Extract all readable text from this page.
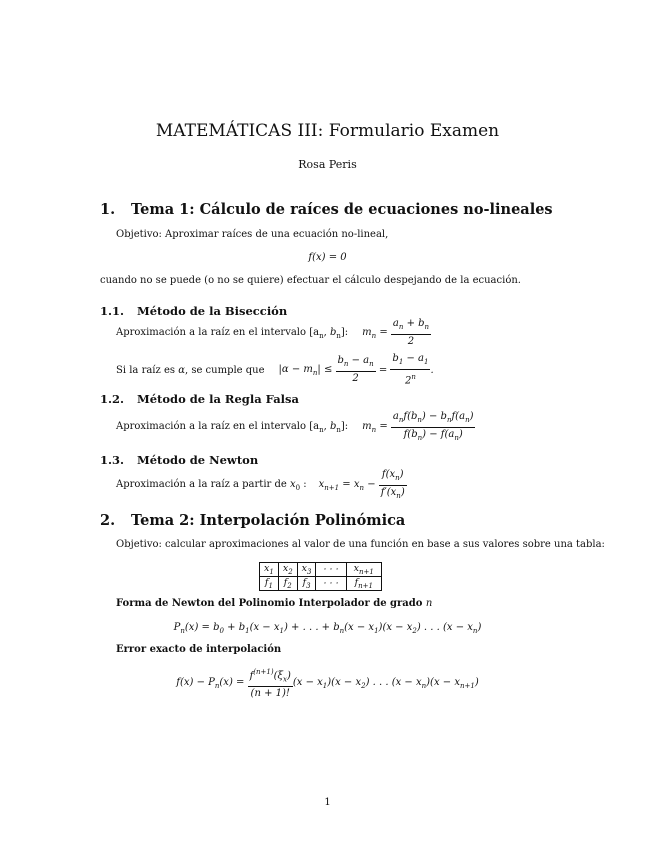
MATEMÁTICAS III: Formulario Examen
Rosa Peris
1. Tema 1: Cálculo de raíces de ecuaciones no-lineales
Objetivo: Aproximar raíces de una ecuación no-lineal,
f(x) = 0
cuando no se puede (o no se quiere) efectuar el cálculo despejando de la ecuación.
1.1. Método de la Bisección
Aproximación a la raíz en el intervalo [$a_n$, $b_n$]: $m_n = \frac{a_n + b_n}{2}$
Si la raíz es α, se cumple que $|\alpha - m_n| \le \frac{b_n - a_n}{2} = \frac{b_1 - a_1}{2^n}$ .
1.2. Método de la Regla Falsa
Aproximación a la raíz en el intervalo [$a_n$, $b_n$]: $m_n = \frac{a_nf(b_n) - b_nf(a_n)}{f(b_n) - f(a_n)}$
1.3. Método de Newton
Aproximación a la raíz a partir de $x_0$ : $x_{n+1} = x_n - \frac{f(x_n)}{f'(x_n)}$
2. Tema 2: Interpolación Polinómica
Objetivo: calcular aproximaciones al valor de una función en base a sus valores sobre una tabla:
$x_1$	$x_2$	$x_3$	· · ·	$x_{n+1}$
$f_1$	$f_2$	$f_3$	· · ·	$f_{n+1}$
Forma de Newton del Polinomio Interpolador de grado n
$P_n(x) = b_0 + b_1(x - x_1)$ + . . . + $b_n(x - x_1)(x - x_2)$ . . . $(x - x_n)$
Error exacto de interpolación
$f(x) - P_n(x) = \frac{f^{(n+1)}(\xi_x)}{(n + 1)!} (x - x_1)(x - x_2)$ . . . $(x - x_n)(x - x_{n+1})$
1
